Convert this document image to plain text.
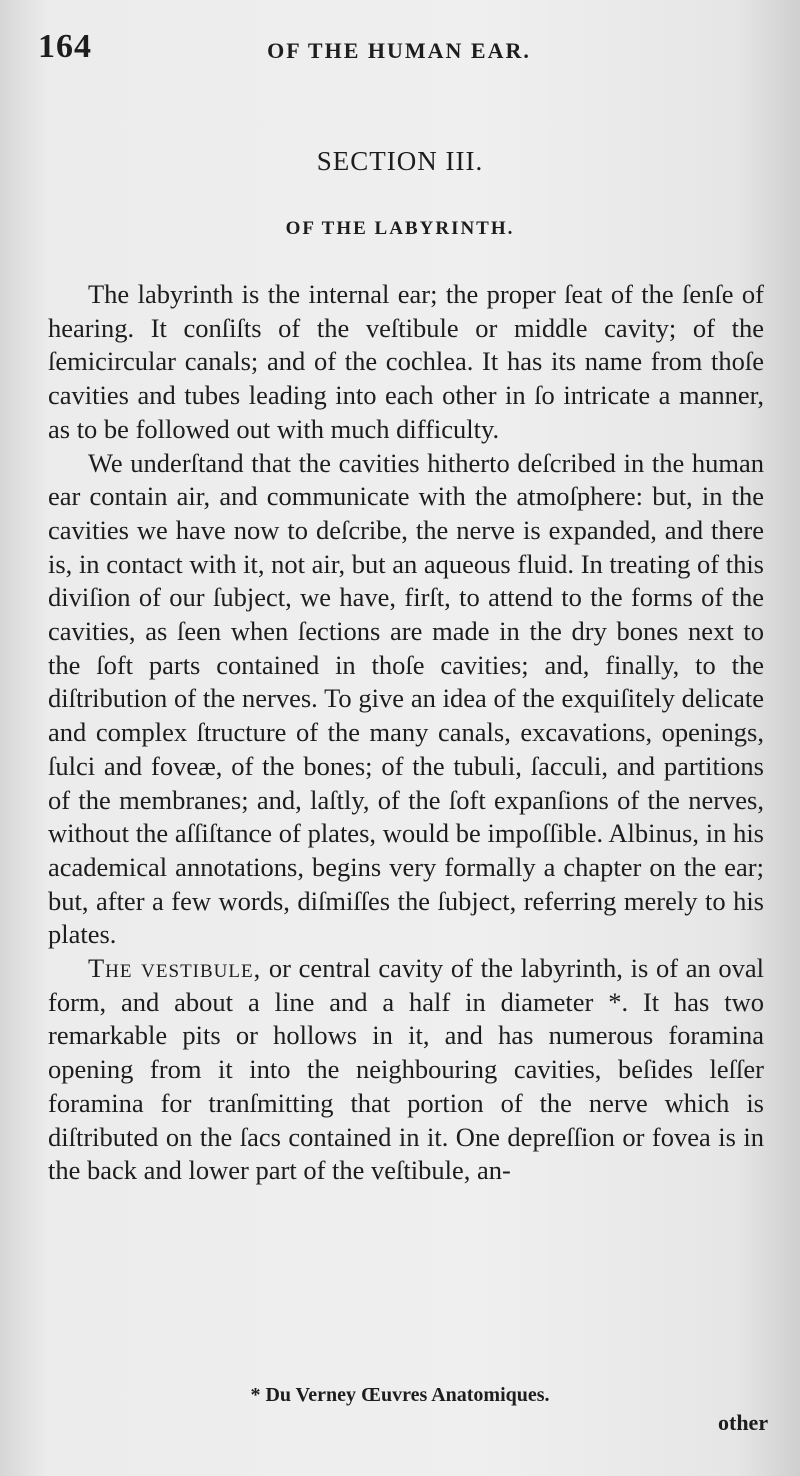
164	OF THE HUMAN EAR.
SECTION III.
OF THE LABYRINTH.

The labyrinth is the internal ear; the proper ſeat of the ſenſe of hearing. It conſiſts of the veſtibule or middle cavity; of the ſemicircular canals; and of the cochlea. It has its name from thoſe cavities and tubes leading into each other in ſo intricate a manner, as to be followed out with much difficulty.

We underſtand that the cavities hitherto deſcribed in the human ear contain air, and communicate with the atmoſphere: but, in the cavities we have now to deſcribe, the nerve is expanded, and there is, in contact with it, not air, but an aqueous fluid. In treating of this diviſion of our ſubject, we have, firſt, to attend to the forms of the cavities, as ſeen when ſections are made in the dry bones next to the ſoft parts contained in thoſe cavities; and, finally, to the diſtribution of the nerves. To give an idea of the exquiſitely delicate and complex ſtructure of the many canals, excavations, openings, ſulci and foveæ, of the bones; of the tubuli, ſacculi, and partitions of the membranes; and, laſtly, of the ſoft expanſions of the nerves, without the aſſiſtance of plates, would be impoſſible. Albinus, in his academical annotations, begins very formally a chapter on the ear; but, after a few words, diſmiſſes the ſubject, referring merely to his plates.

The vestibule, or central cavity of the labyrinth, is of an oval form, and about a line and a half in diameter *. It has two remarkable pits or hollows in it, and has numerous foramina opening from it into the neighbouring cavities, beſides leſſer foramina for tranſmitting that portion of the nerve which is diſtributed on the ſacs contained in it. One depreſſion or fovea is in the back and lower part of the veſtibule, an-

* Du Verney Œuvres Anatomiques.
other
